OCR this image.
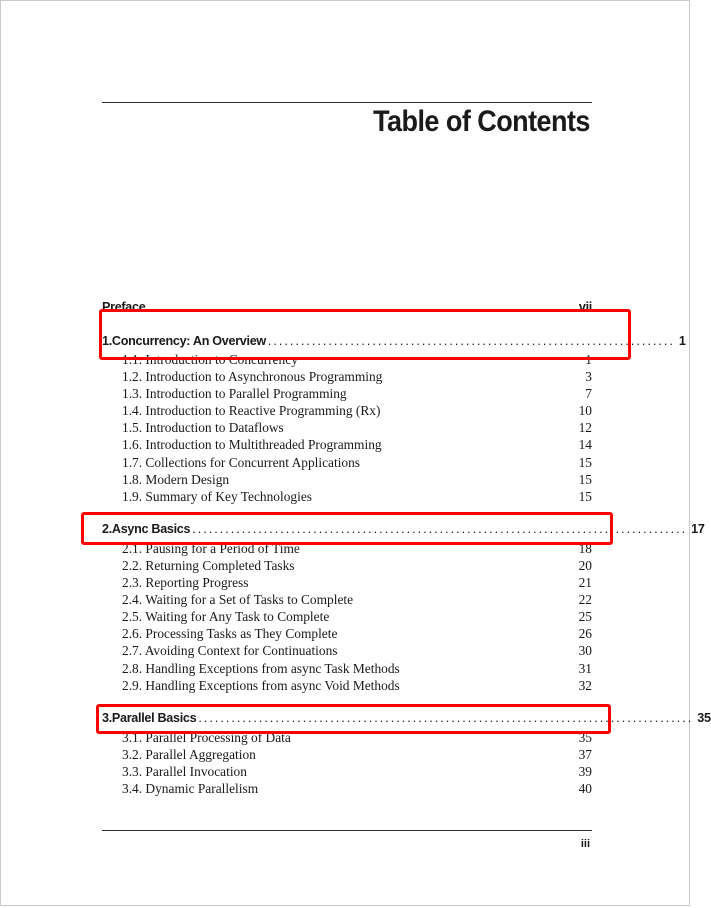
Table of Contents
Preface	vii
1. Concurrency: An Overview .......................................................................... 1
1.1. Introduction to Concurrency	1
1.2. Introduction to Asynchronous Programming	3
1.3. Introduction to Parallel Programming	7
1.4. Introduction to Reactive Programming (Rx)	10
1.5. Introduction to Dataflows	12
1.6. Introduction to Multithreaded Programming	14
1.7. Collections for Concurrent Applications	15
1.8. Modern Design	15
1.9. Summary of Key Technologies	15
2. Async Basics .......................................................................................... 17
2.1. Pausing for a Period of Time	18
2.2. Returning Completed Tasks	20
2.3. Reporting Progress	21
2.4. Waiting for a Set of Tasks to Complete	22
2.5. Waiting for Any Task to Complete	25
2.6. Processing Tasks as They Complete	26
2.7. Avoiding Context for Continuations	30
2.8. Handling Exceptions from async Task Methods	31
2.9. Handling Exceptions from async Void Methods	32
3. Parallel Basics .......................................................................................... 35
3.1. Parallel Processing of Data	35
3.2. Parallel Aggregation	37
3.3. Parallel Invocation	39
3.4. Dynamic Parallelism	40
iii
